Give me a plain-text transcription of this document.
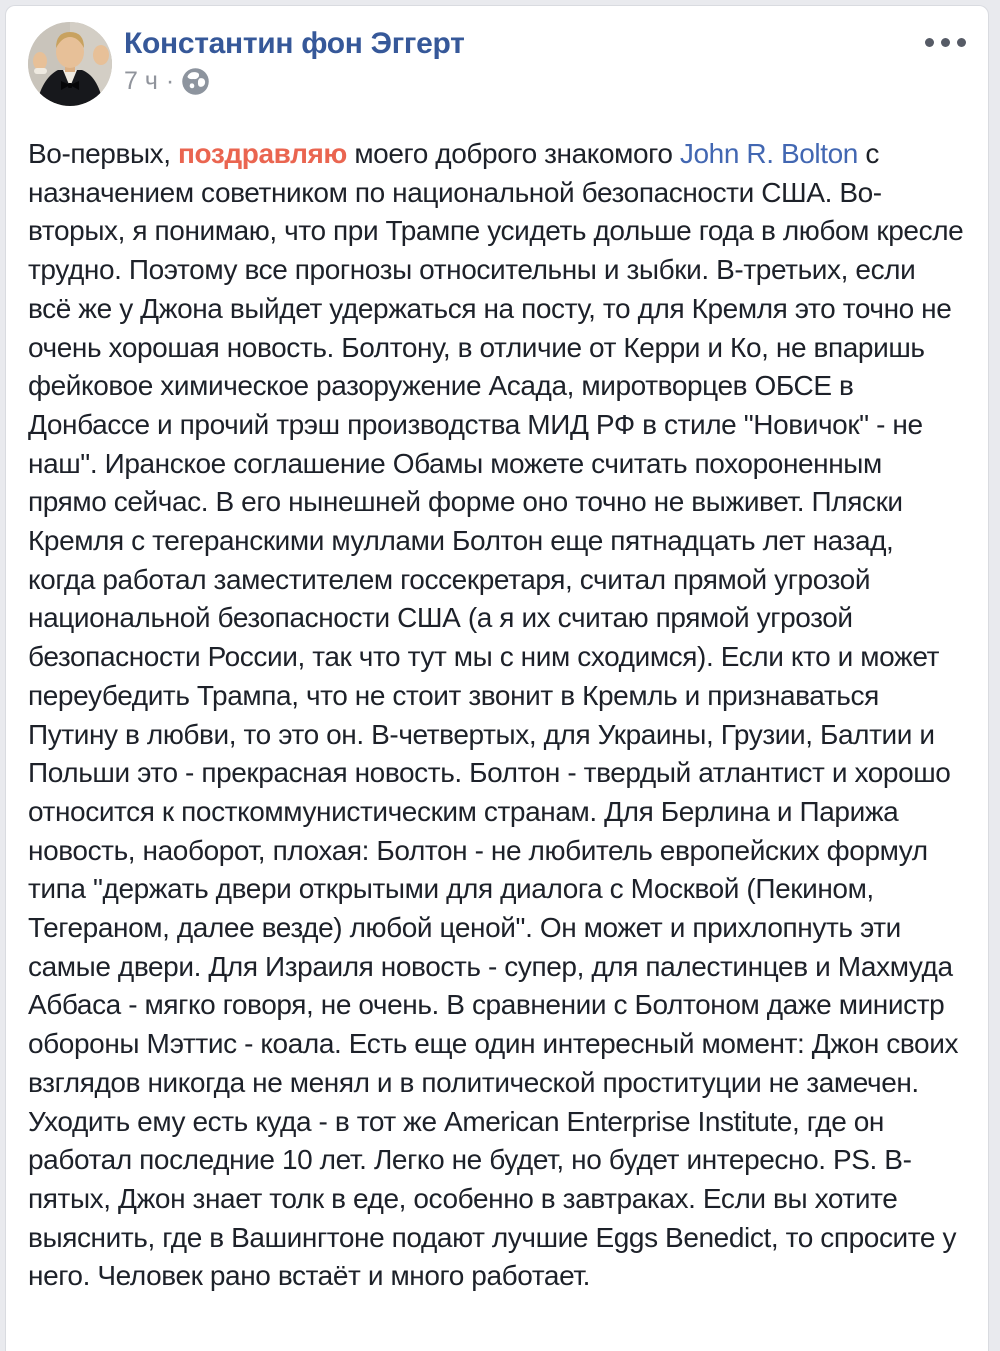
Константин фон Эггерт
7 ч ·
Во-первых, поздравляю моего доброго знакомого John R. Bolton с назначением советником по национальной безопасности США. Во-вторых, я понимаю, что при Трампе усидеть дольше года в любом кресле трудно. Поэтому все прогнозы относительны и зыбки. В-третьих, если всё же у Джона выйдет удержаться на посту, то для Кремля это точно не очень хорошая новость. Болтону, в отличие от Керри и Ко, не впаришь фейковое химическое разоружение Асада, миротворцев ОБСЕ в Донбассе и прочий трэш производства МИД РФ в стиле "Новичок" - не наш". Иранское соглашение Обамы можете считать похороненным прямо сейчас. В его нынешней форме оно точно не выживет. Пляски Кремля с тегеранскими муллами Болтон еще пятнадцать лет назад, когда работал заместителем госсекретаря, считал прямой угрозой национальной безопасности США (а я их считаю прямой угрозой безопасности России, так что тут мы с ним сходимся). Если кто и может переубедить Трампа, что не стоит звонит в Кремль и признаваться Путину в любви, то это он. В-четвертых, для Украины, Грузии, Балтии и Польши это - прекрасная новость. Болтон - твердый атлантист и хорошо относится к посткоммунистическим странам. Для Берлина и Парижа новость, наоборот, плохая: Болтон - не любитель европейских формул типа "держать двери открытыми для диалога с Москвой (Пекином, Тегераном, далее везде) любой ценой". Он может и прихлопнуть эти самые двери. Для Израиля новость - супер, для палестинцев и Махмуда Аббаса - мягко говоря, не очень. В сравнении с Болтоном даже министр обороны Мэттис - коала. Есть еще один интересный момент: Джон своих взглядов никогда не менял и в политической проституции не замечен. Уходить ему есть куда - в тот же American Enterprise Institute, где он работал последние 10 лет. Легко не будет, но будет интересно. PS. В-пятых, Джон знает толк в еде, особенно в завтраках. Если вы хотите выяснить, где в Вашингтоне подают лучшие Eggs Benedict, то спросите у него. Человек рано встаёт и много работает.
